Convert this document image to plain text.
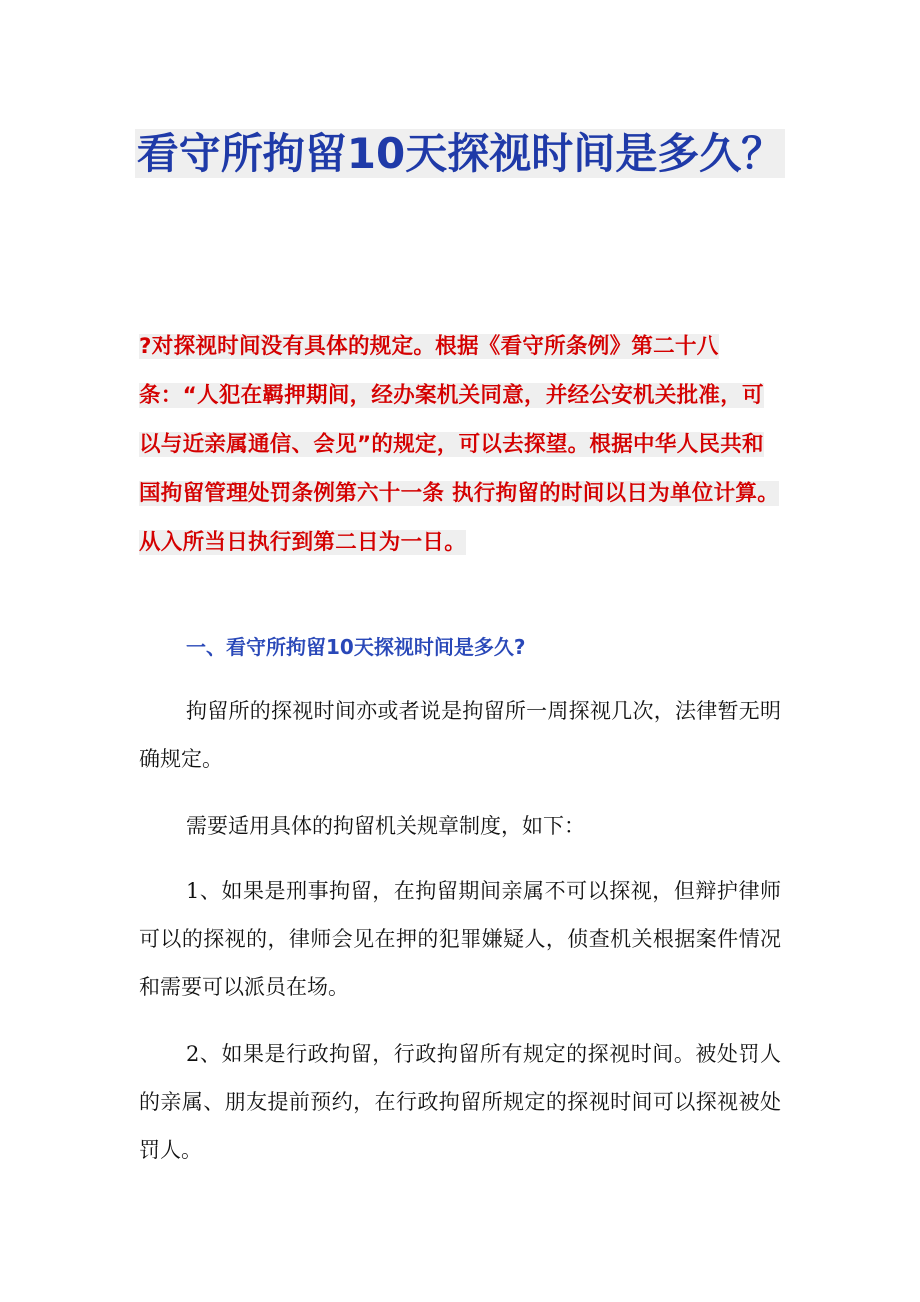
看守所拘留10天探视时间是多久？

?对探视时间没有具体的规定。根据《看守所条例》第二十八条：“人犯在羁押期间，经办案机关同意，并经公安机关批准，可以与近亲属通信、会见”的规定，可以去探望。根据中华人民共和国拘留管理处罚条例第六十一条 执行拘留的时间以日为单位计算。从入所当日执行到第二日为一日。

一、看守所拘留10天探视时间是多久?

拘留所的探视时间亦或者说是拘留所一周探视几次，法律暂无明确规定。

需要适用具体的拘留机关规章制度，如下：

1、如果是刑事拘留，在拘留期间亲属不可以探视，但辩护律师可以的探视的，律师会见在押的犯罪嫌疑人，侦查机关根据案件情况和需要可以派员在场。

2、如果是行政拘留，行政拘留所有规定的探视时间。被处罚人的亲属、朋友提前预约，在行政拘留所规定的探视时间可以探视被处罚人。
